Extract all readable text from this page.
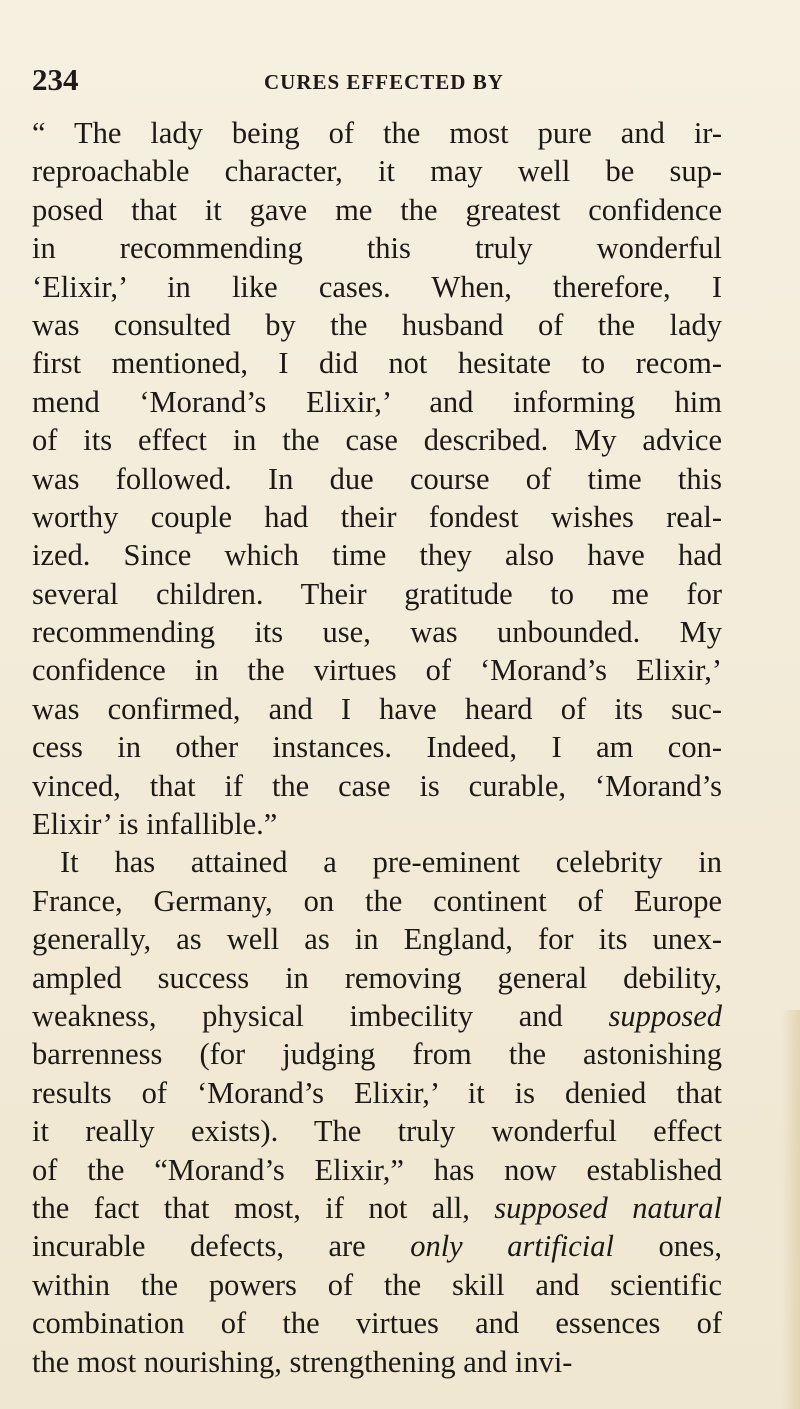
234	CURES EFFECTED BY
“ The lady being of the most pure and ir-
reproachable character, it may well be sup-
posed that it gave me the greatest confidence
in recommending this truly wonderful
‘Elixir,’ in like cases. When, therefore, I
was consulted by the husband of the lady
first mentioned, I did not hesitate to recom-
mend ‘Morand’s Elixir,’ and informing him
of its effect in the case described. My advice
was followed. In due course of time this
worthy couple had their fondest wishes real-
ized. Since which time they also have had
several children. Their gratitude to me for
recommending its use, was unbounded. My
confidence in the virtues of ‘Morand’s Elixir,’
was confirmed, and I have heard of its suc-
cess in other instances. Indeed, I am con-
vinced, that if the case is curable, ‘Morand’s
Elixir’ is infallible.”
It has attained a pre-eminent celebrity in
France, Germany, on the continent of Europe
generally, as well as in England, for its unex-
ampled success in removing general debility,
weakness, physical imbecility and supposed
barrenness (for judging from the astonishing
results of ‘Morand’s Elixir,’ it is denied that
it really exists). The truly wonderful effect
of the “Morand’s Elixir,” has now established
the fact that most, if not all, supposed natural
incurable defects, are only artificial ones,
within the powers of the skill and scientific
combination of the virtues and essences of
the most nourishing, strengthening and invi-
